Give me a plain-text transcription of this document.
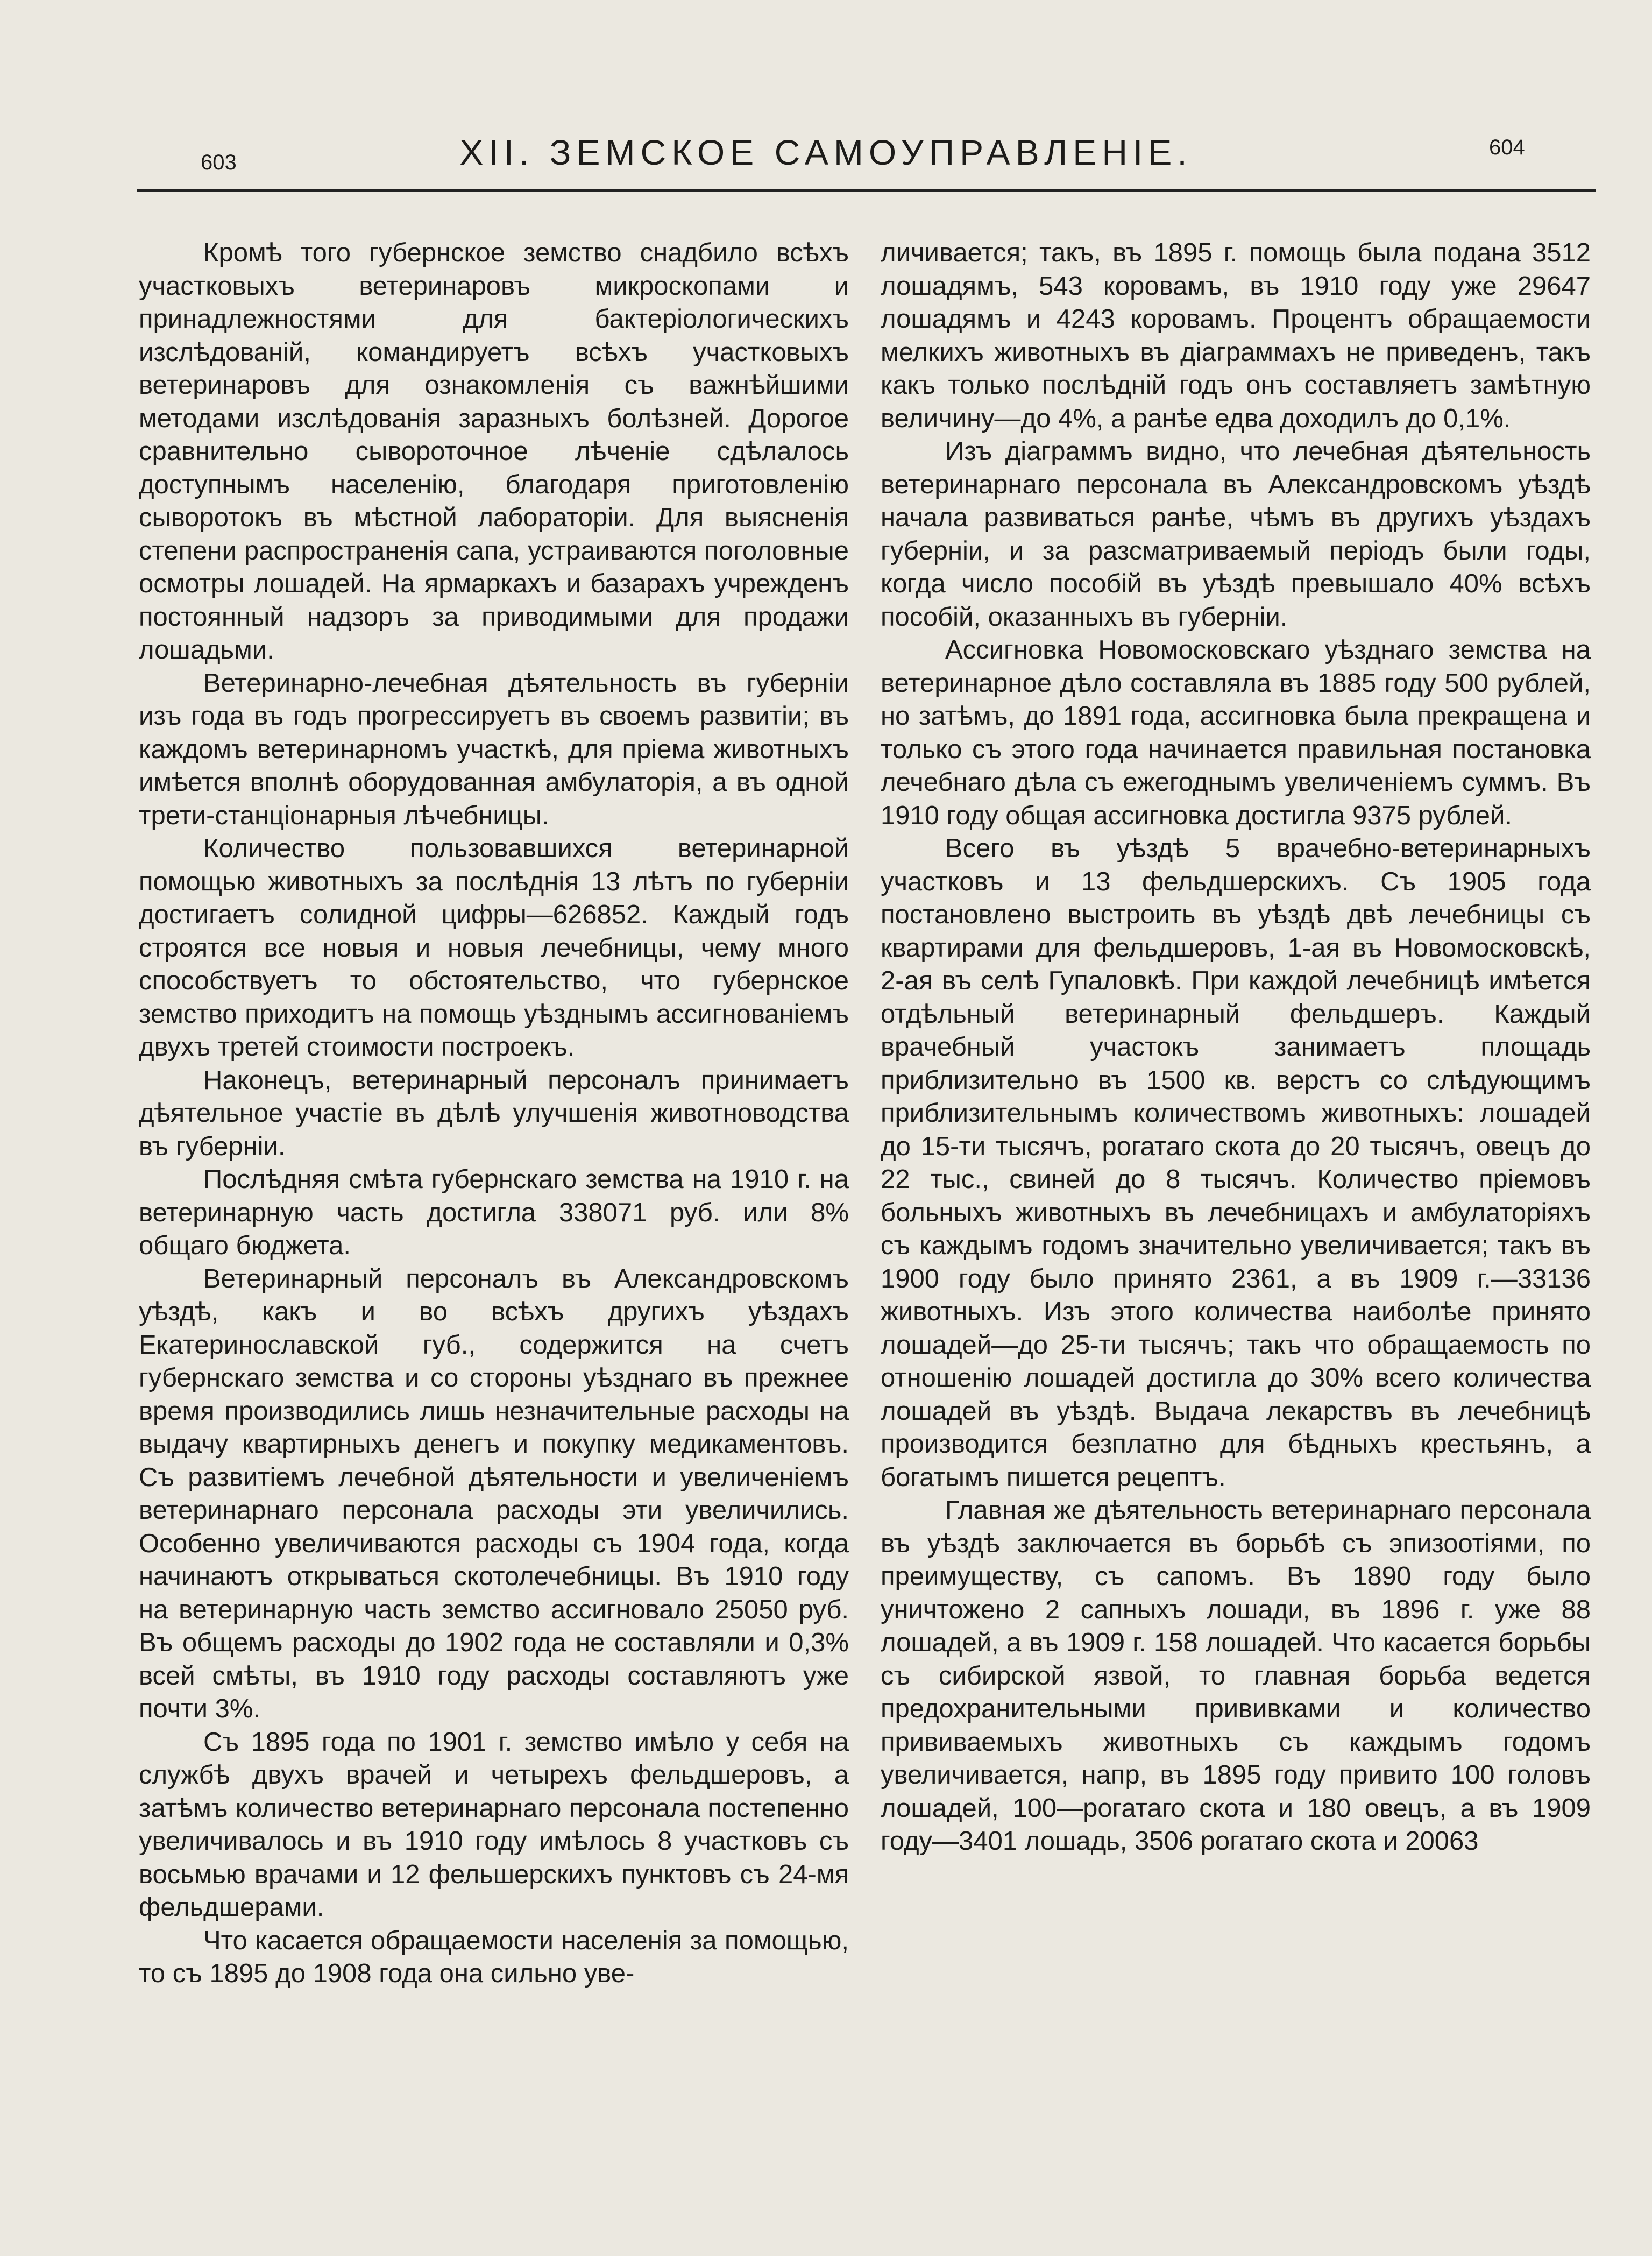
603	XII. ЗЕМСКОЕ САМОУПРАВЛЕНIЕ.	604

Кромѣ того губернское земство снадбило всѣхъ участковыхъ ветеринаровъ микроскопами и принадлежностями для бактеріологическихъ изслѣдованій, командируетъ всѣхъ участковыхъ ветеринаровъ для ознакомленія съ важнѣйшими методами изслѣдованія заразныхъ болѣзней. Дорогое сравнительно сывороточное лѣченіе сдѣлалось доступнымъ населенію, благодаря приготовленію сыворотокъ въ мѣстной лабораторіи. Для выясненія степени распространенія сапа, устраиваются поголовные осмотры лошадей. На ярмаркахъ и базарахъ учрежденъ постоянный надзоръ за приводимыми для продажи лошадьми.

Ветеринарно-лечебная дѣятельность въ губерніи изъ года въ годъ прогрессируетъ въ своемъ развитіи; въ каждомъ ветеринарномъ участкѣ, для пріема животныхъ имѣется вполнѣ оборудованная амбулаторія, а въ одной трети-станціонарныя лѣчебницы.

Количество пользовавшихся ветеринарной помощью животныхъ за послѣднія 13 лѣтъ по губерніи достигаетъ солидной цифры—626852. Каждый годъ строятся все новыя и новыя лечебницы, чему много способствуетъ то обстоятельство, что губернское земство приходитъ на помощь уѣзднымъ ассигнованіемъ двухъ третей стоимости построекъ.

Наконецъ, ветеринарный персоналъ принимаетъ дѣятельное участіе въ дѣлѣ улучшенія животноводства въ губерніи.

Послѣдняя смѣта губернскаго земства на 1910 г. на ветеринарную часть достигла 338071 руб. или 8% общаго бюджета.

Ветеринарный персоналъ въ Александровскомъ уѣздѣ, какъ и во всѣхъ другихъ уѣздахъ Екатеринославской губ., содержится на счетъ губернскаго земства и со стороны уѣзднаго въ прежнее время производились лишь незначительные расходы на выдачу квартирныхъ денегъ и покупку медикаментовъ. Съ развитіемъ лечебной дѣятельности и увеличеніемъ ветеринарнаго персонала расходы эти увеличились. Особенно увеличиваются расходы съ 1904 года, когда начинаютъ открываться скотолечебницы. Въ 1910 году на ветеринарную часть земство ассигновало 25050 руб. Въ общемъ расходы до 1902 года не составляли и 0,3% всей смѣты, въ 1910 году расходы составляютъ уже почти 3%.

Съ 1895 года по 1901 г. земство имѣло у себя на службѣ двухъ врачей и четырехъ фельдшеровъ, а затѣмъ количество ветеринарнаго персонала постепенно увеличивалось и въ 1910 году имѣлось 8 участковъ съ восьмью врачами и 12 фельшерскихъ пунктовъ съ 24-мя фельдшерами.

Что касается обращаемости населенія за помощью, то съ 1895 до 1908 года она сильно уве-

личивается; такъ, въ 1895 г. помощь была подана 3512 лошадямъ, 543 коровамъ, въ 1910 году уже 29647 лошадямъ и 4243 коровамъ. Процентъ обращаемости мелкихъ животныхъ въ діаграммахъ не приведенъ, такъ какъ только послѣдній годъ онъ составляетъ замѣтную величину—до 4%, а ранѣе едва доходилъ до 0,1%.

Изъ діаграммъ видно, что лечебная дѣятельность ветеринарнаго персонала въ Александровскомъ уѣздѣ начала развиваться ранѣе, чѣмъ въ другихъ уѣздахъ губерніи, и за разсматриваемый періодъ были годы, когда число пособій въ уѣздѣ превышало 40% всѣхъ пособій, оказанныхъ въ губерніи.

Ассигновка Новомосковскаго уѣзднаго земства на ветеринарное дѣло составляла въ 1885 году 500 рублей, но затѣмъ, до 1891 года, ассигновка была прекращена и только съ этого года начинается правильная постановка лечебнаго дѣла съ ежегоднымъ увеличеніемъ суммъ. Въ 1910 году общая ассигновка достигла 9375 рублей.

Всего въ уѣздѣ 5 врачебно-ветеринарныхъ участковъ и 13 фельдшерскихъ. Съ 1905 года постановлено выстроить въ уѣздѣ двѣ лечебницы съ квартирами для фельдшеровъ, 1-ая въ Новомосковскѣ, 2-ая въ селѣ Гупаловкѣ. При каждой лечебницѣ имѣется отдѣльный ветеринарный фельдшеръ. Каждый врачебный участокъ занимаетъ площадь приблизительно въ 1500 кв. верстъ со слѣдующимъ приблизительнымъ количествомъ животныхъ: лошадей до 15-ти тысячъ, рогатаго скота до 20 тысячъ, овецъ до 22 тыс., свиней до 8 тысячъ. Количество пріемовъ больныхъ животныхъ въ лечебницахъ и амбулаторіяхъ съ каждымъ годомъ значительно увеличивается; такъ въ 1900 году было принято 2361, а въ 1909 г.—33136 животныхъ. Изъ этого количества наиболѣе принято лошадей—до 25-ти тысячъ; такъ что обращаемость по отношенію лошадей достигла до 30% всего количества лошадей въ уѣздѣ. Выдача лекарствъ въ лечебницѣ производится безплатно для бѣдныхъ крестьянъ, а богатымъ пишется рецептъ.

Главная же дѣятельность ветеринарнаго персонала въ уѣздѣ заключается въ борьбѣ съ эпизоотіями, по преимуществу, съ сапомъ. Въ 1890 году было уничтожено 2 сапныхъ лошади, въ 1896 г. уже 88 лошадей, а въ 1909 г. 158 лошадей. Что касается борьбы съ сибирской язвой, то главная борьба ведется предохранительными прививками и количество прививаемыхъ животныхъ съ каждымъ годомъ увеличивается, напр, въ 1895 году привито 100 головъ лошадей, 100—рогатаго скота и 180 овецъ, а въ 1909 году—3401 лошадь, 3506 рогатаго скота и 20063
